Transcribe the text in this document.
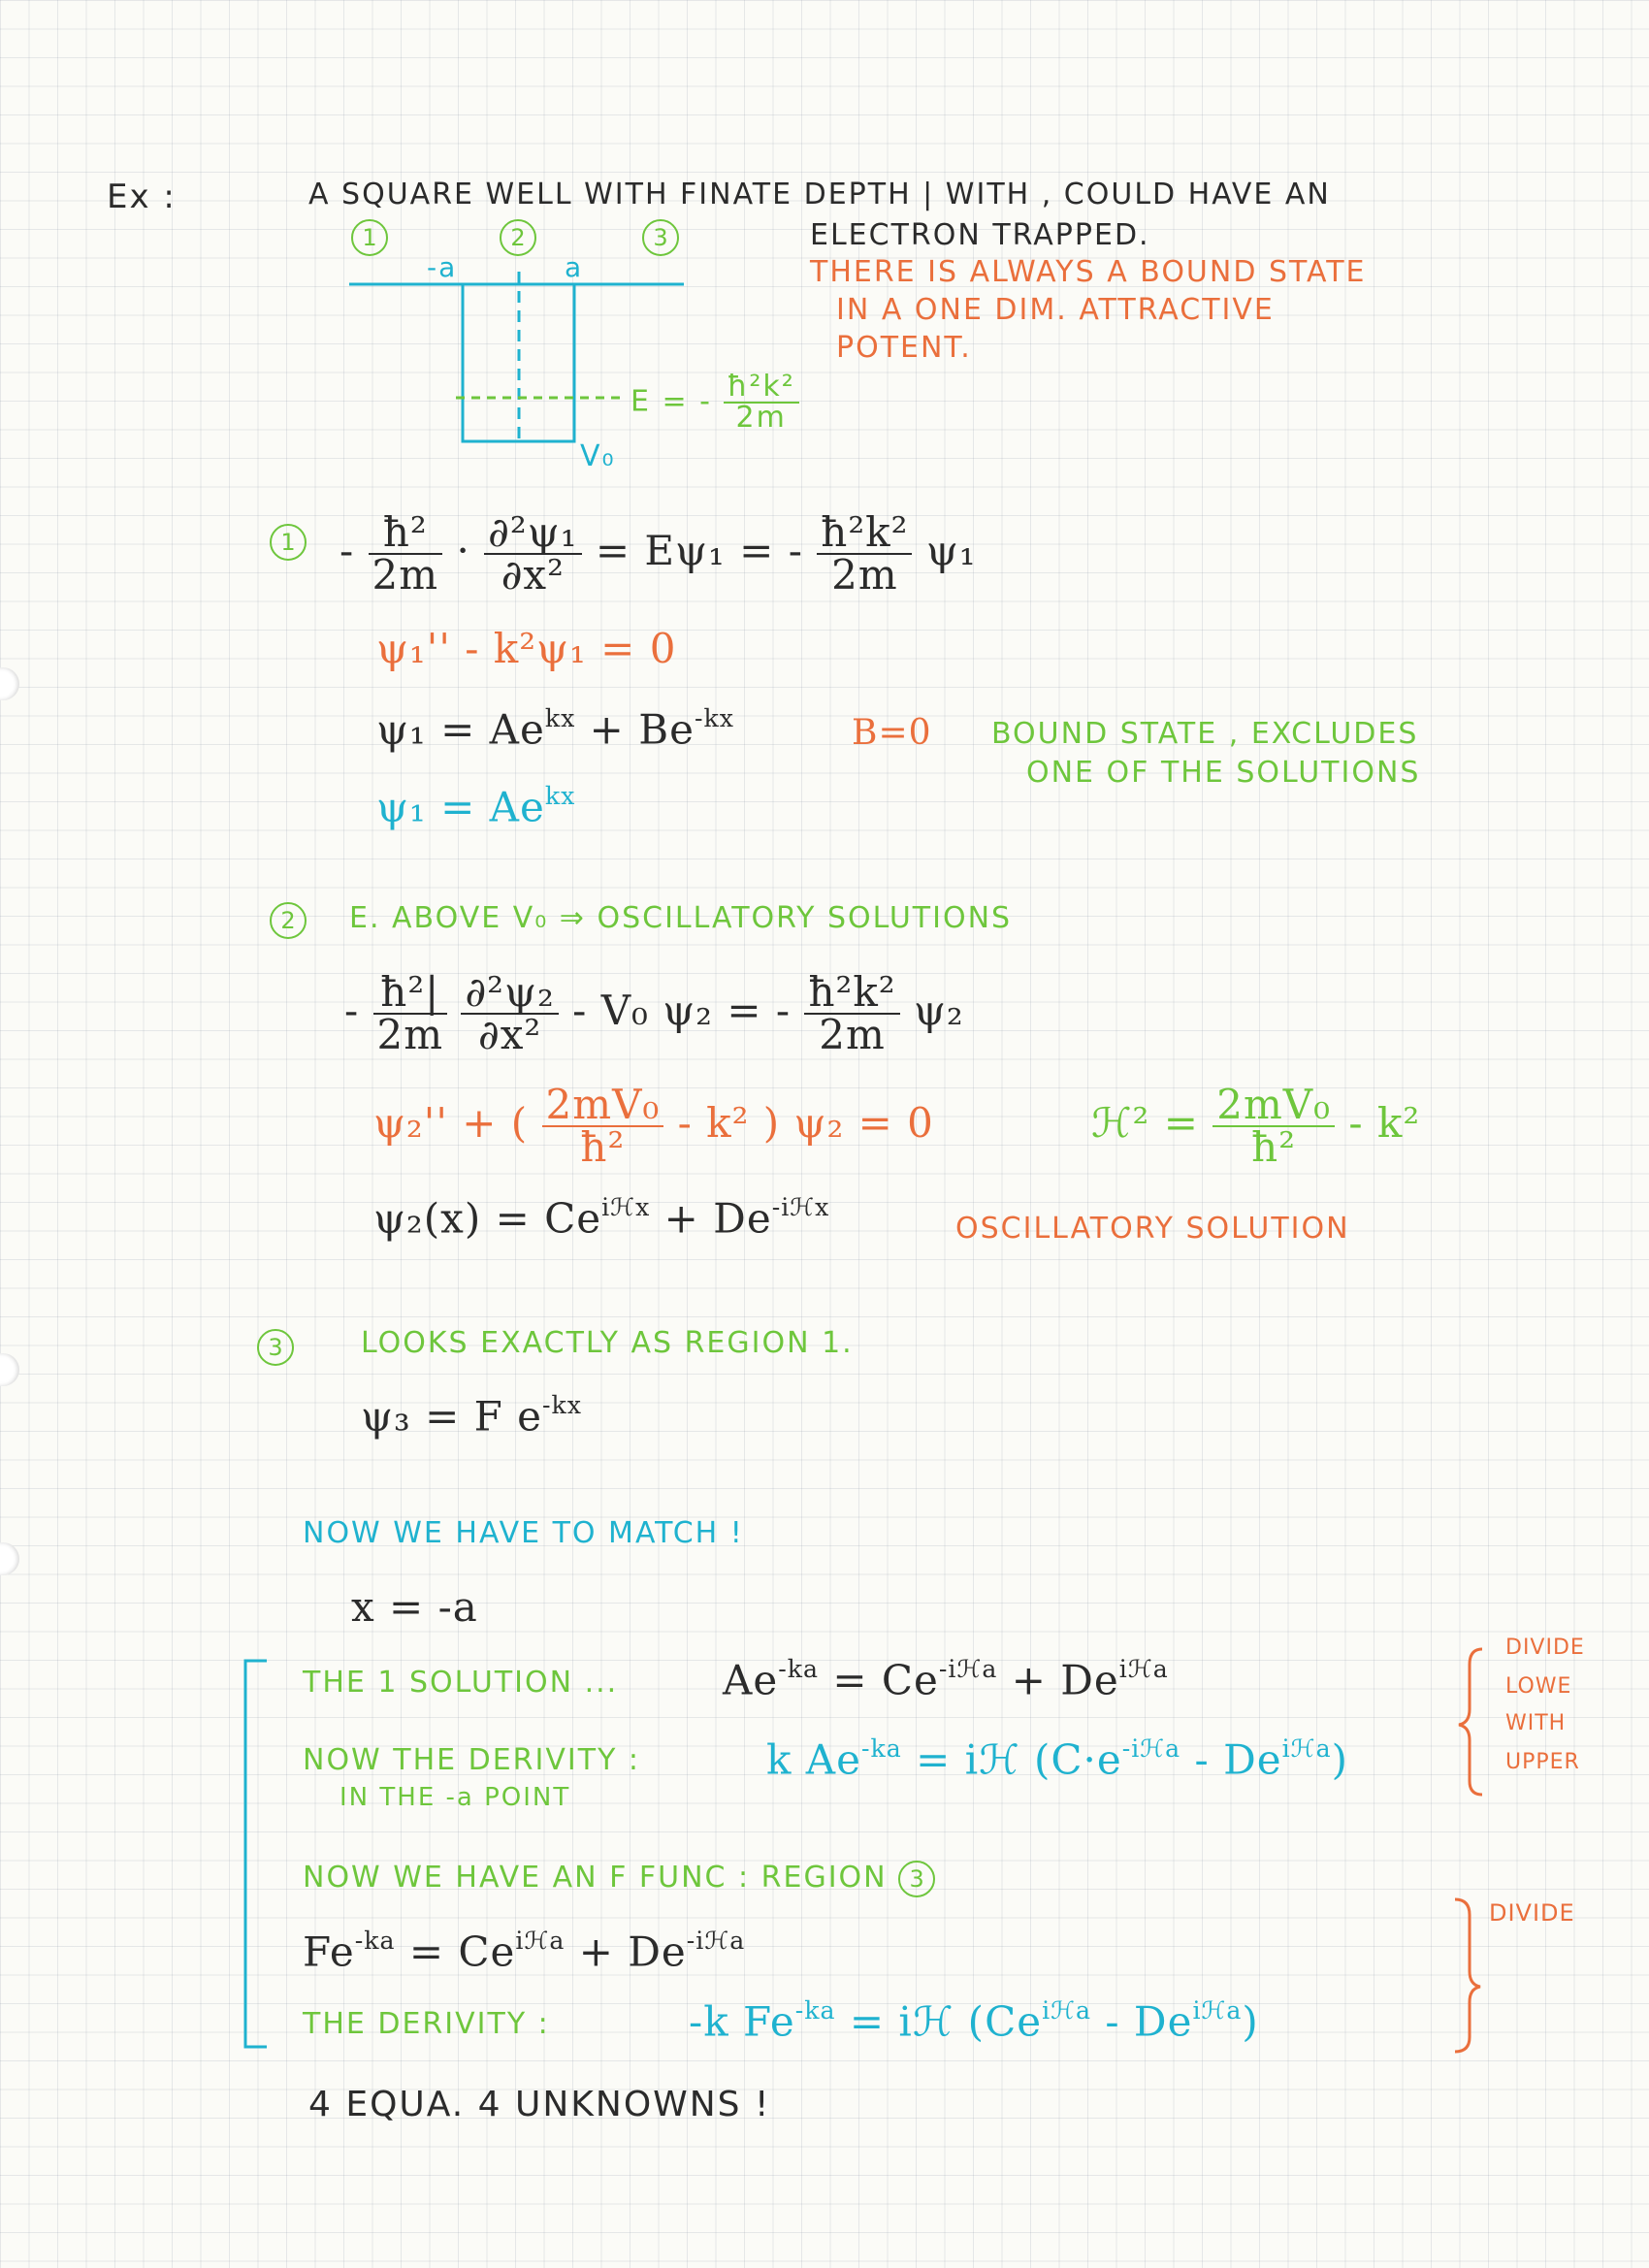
Ex :	A SQUARE WELL WITH FINATE DEPTH | WITH , COULD HAVE AN
ELECTRON TRAPPED.
THERE IS ALWAYS A BOUND STATE
IN A ONE DIM. ATTRACTIVE
POTENT.
1	2	3
-a	a
V₀
E = - $\frac{\text{ħ²k²}}{2m}$
$1 - \frac{\text{ħ²}}{2m} \cdot \frac{\text{∂²ψ₁}}{\text{∂x²}} = E\psi_1$ = - $\frac{\text{ħ²k²}}{2m} \psi_1$
ψ₁'' - k²ψ₁ = 0
$\psi_1 = Ae^{kx} + Be^{-kx}$	B=0 BOUND STATE , EXCLUDES
ONE OF THE SOLUTIONS
$\psi_1 = Ae^{kx}$
2	E. ABOVE V₀ ⇒ OSCILLATORY SOLUTIONS
- $\frac{\text{ħ²|}}{2m}$
$\frac{\text{∂²ψ₂}}{\text{∂x²}} - V_0$ ψ₂ = - $\frac{\text{ħ²k²}}{2m} \psi_2$
ψ₂'' + ( $\frac{\text{2mV₀}}{\text{ħ²}} - k^2$ ) ψ₂ = 0	ℋ² = $\frac{\text{2mV₀}}{\text{ħ²}} - k^2$
$\psi_2(x) = Ce^{iℋx} + De^{-iℋx}$
OSCILLATORY SOLUTION
3	LOOKS EXACTLY AS REGION 1.
ψ₃ = F $e^{-kx}$
NOW WE HAVE TO MATCH !
x = -a
THE 1 SOLUTION ...	$Ae^{-ka} = Ce^{-iℋa} + De^{iℋa}$
NOW THE DERIVITY :
IN THE -a POINT
k $Ae^{-ka}$ = iℋ $(C\cdot e^{-iℋa} - De^{iℋa})$
DIVIDE
LOWE
WITH
UPPER
NOW WE HAVE AN F FUNC : REGION 3
$Fe^{-ka} = Ce^{iℋa} + De^{-iℋa}$
THE DERIVITY :	-k $Fe^{-ka}$ = iℋ $(Ce^{iℋa} - De^{iℋa})$
DIVIDE
4 EQUA. 4 UNKNOWNS !
